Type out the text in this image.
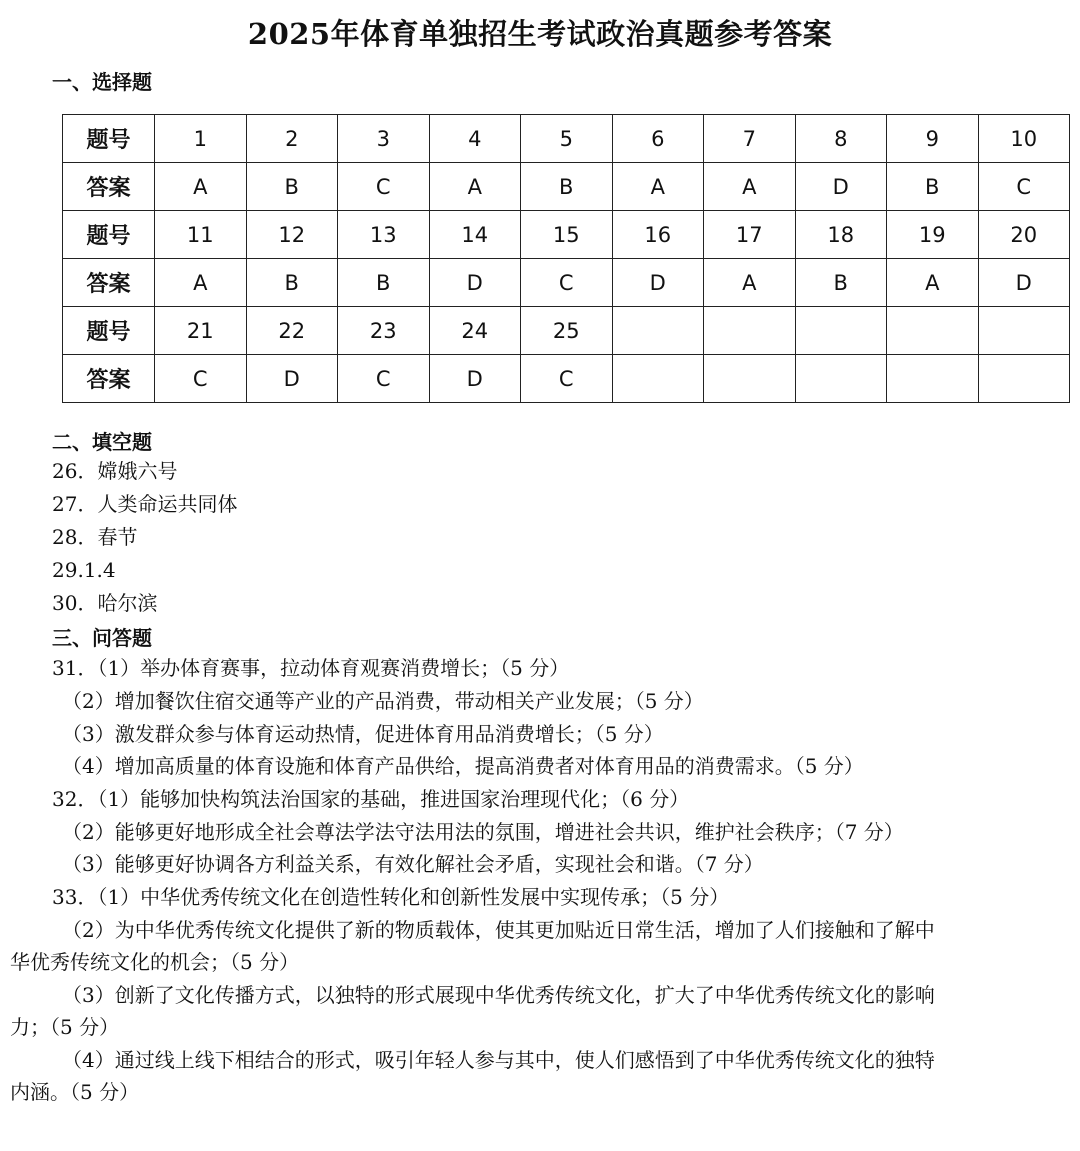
2025年体育单独招生考试政治真题参考答案
一、选择题
题号	1	2	3	4	5	6	7	8	9	10
答案	A	B	C	A	B	A	A	D	B	C
题号	11	12	13	14	15	16	17	18	19	20
答案	A	B	B	D	C	D	A	B	A	D
题号	21	22	23	24	25					
答案	C	D	C	D	C					
二、填空题
26．嫦娥六号
27．人类命运共同体
28．春节
29.1.4
30．哈尔滨
三、问答题
31．（1）举办体育赛事，拉动体育观赛消费增长；（5 分）
（2）增加餐饮住宿交通等产业的产品消费，带动相关产业发展；（5 分）
（3）激发群众参与体育运动热情，促进体育用品消费增长；（5 分）
（4）增加高质量的体育设施和体育产品供给，提高消费者对体育用品的消费需求。（5 分）
32．（1）能够加快构筑法治国家的基础，推进国家治理现代化；（6 分）
（2）能够更好地形成全社会尊法学法守法用法的氛围，增进社会共识，维护社会秩序；（7 分）
（3）能够更好协调各方利益关系，有效化解社会矛盾，实现社会和谐。（7 分）
33．（1）中华优秀传统文化在创造性转化和创新性发展中实现传承；（5 分）
（2）为中华优秀传统文化提供了新的物质载体，使其更加贴近日常生活，增加了人们接触和了解中
华优秀传统文化的机会；（5 分）
（3）创新了文化传播方式，以独特的形式展现中华优秀传统文化，扩大了中华优秀传统文化的影响
力；（5 分）
（4）通过线上线下相结合的形式，吸引年轻人参与其中，使人们感悟到了中华优秀传统文化的独特
内涵。（5 分）
